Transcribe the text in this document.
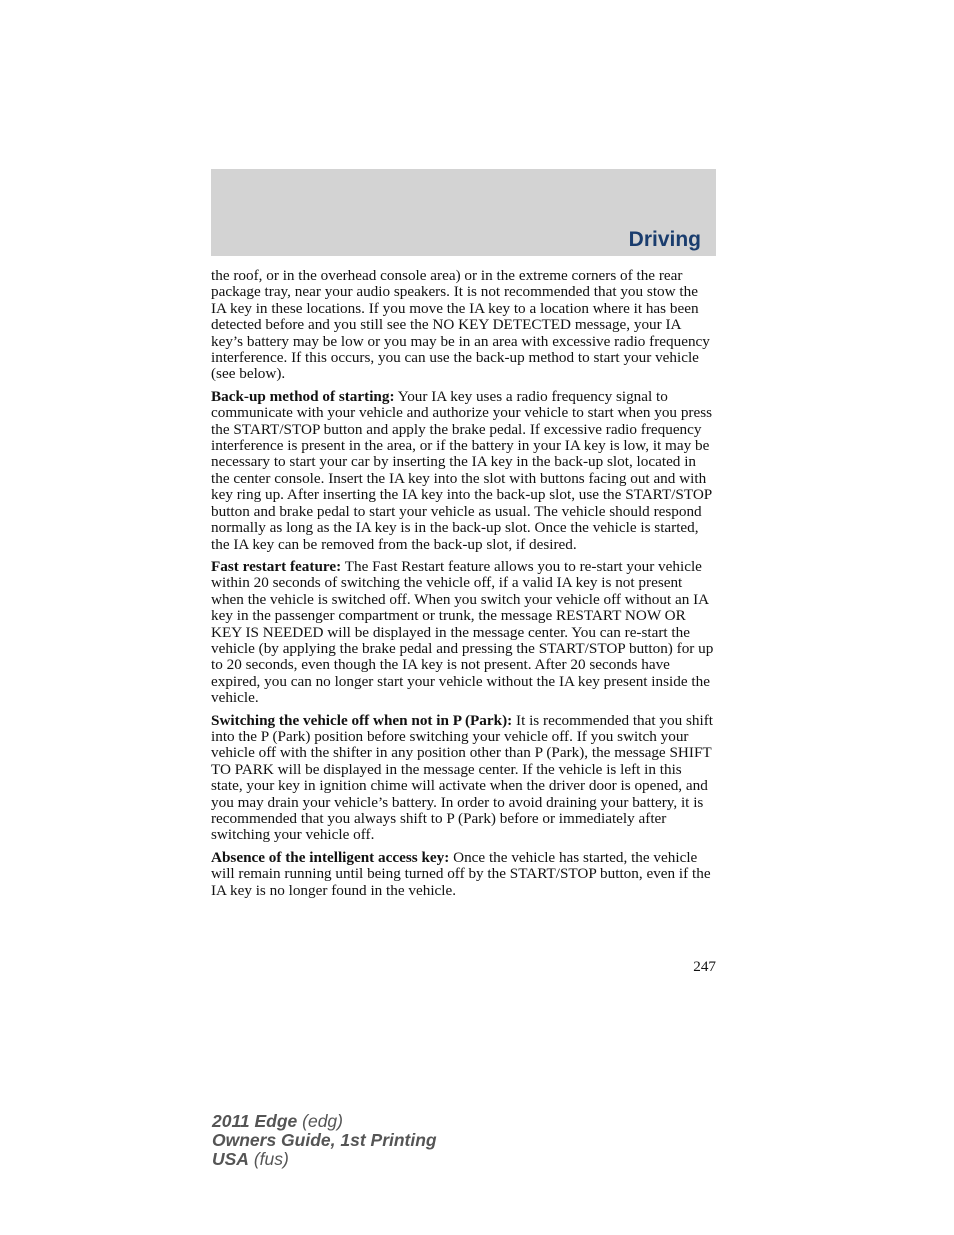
Driving

the roof, or in the overhead console area) or in the extreme corners of the rear package tray, near your audio speakers. It is not recommended that you stow the IA key in these locations. If you move the IA key to a location where it has been detected before and you still see the NO KEY DETECTED message, your IA key’s battery may be low or you may be in an area with excessive radio frequency interference. If this occurs, you can use the back-up method to start your vehicle (see below).

Back-up method of starting: Your IA key uses a radio frequency signal to communicate with your vehicle and authorize your vehicle to start when you press the START/STOP button and apply the brake pedal. If excessive radio frequency interference is present in the area, or if the battery in your IA key is low, it may be necessary to start your car by inserting the IA key in the back-up slot, located in the center console. Insert the IA key into the slot with buttons facing out and with key ring up. After inserting the IA key into the back-up slot, use the START/STOP button and brake pedal to start your vehicle as usual. The vehicle should respond normally as long as the IA key is in the back-up slot. Once the vehicle is started, the IA key can be removed from the back-up slot, if desired.

Fast restart feature: The Fast Restart feature allows you to re-start your vehicle within 20 seconds of switching the vehicle off, if a valid IA key is not present when the vehicle is switched off. When you switch your vehicle off without an IA key in the passenger compartment or trunk, the message RESTART NOW OR KEY IS NEEDED will be displayed in the message center. You can re-start the vehicle (by applying the brake pedal and pressing the START/STOP button) for up to 20 seconds, even though the IA key is not present. After 20 seconds have expired, you can no longer start your vehicle without the IA key present inside the vehicle.

Switching the vehicle off when not in P (Park): It is recommended that you shift into the P (Park) position before switching your vehicle off. If you switch your vehicle off with the shifter in any position other than P (Park), the message SHIFT TO PARK will be displayed in the message center. If the vehicle is left in this state, your key in ignition chime will activate when the driver door is opened, and you may drain your vehicle’s battery. In order to avoid draining your battery, it is recommended that you always shift to P (Park) before or immediately after switching your vehicle off.

Absence of the intelligent access key: Once the vehicle has started, the vehicle will remain running until being turned off by the START/STOP button, even if the IA key is no longer found in the vehicle.

247
2011 Edge (edg)
Owners Guide, 1st Printing
USA (fus)
